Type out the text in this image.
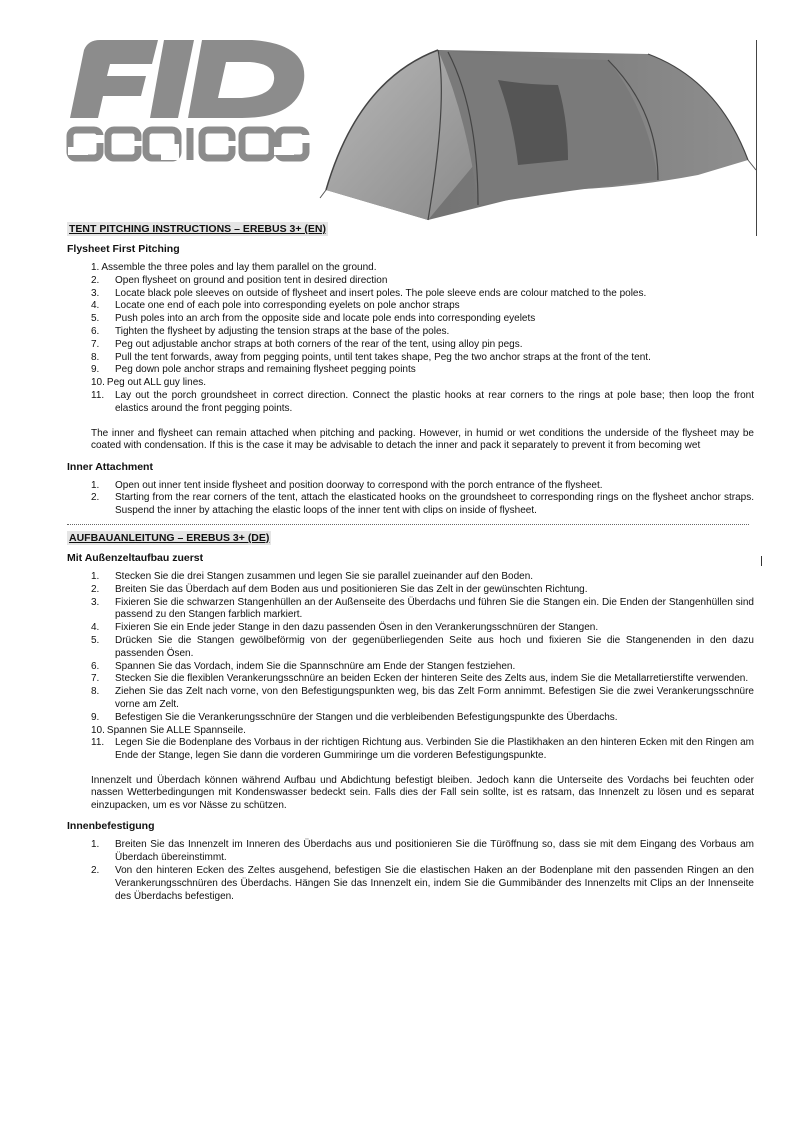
TENT PITCHING INSTRUCTIONS – EREBUS 3+ (EN)
Flysheet First Pitching
1. Assemble the three poles and lay them parallel on the ground.
2.	Open flysheet on ground and position tent in desired direction
3.	Locate black pole sleeves on outside of flysheet and insert poles. The pole sleeve ends are colour matched to the poles.
4.	Locate one end of each pole into corresponding eyelets on pole anchor straps
5.	Push poles into an arch from the opposite side and locate pole ends into corresponding eyelets
6.	Tighten the flysheet by adjusting the tension straps at the base of the poles.
7.	Peg out adjustable anchor straps at both corners of the rear of the tent, using alloy pin pegs.
8.	Pull the tent forwards, away from pegging points, until tent takes shape, Peg the two anchor straps at the front of the tent.
9.	Peg down pole anchor straps and remaining flysheet pegging points
10. Peg out ALL guy lines.
11.	Lay out the porch groundsheet in correct direction. Connect the plastic hooks at rear corners to the rings at pole base; then loop the front elastics around the front pegging points.
The inner and flysheet can remain attached when pitching and packing. However, in humid or wet conditions the underside of the flysheet may be coated with condensation. If this is the case it may be advisable to detach the inner and pack it separately to prevent it from becoming wet
Inner Attachment
1.	Open out inner tent inside flysheet and position doorway to correspond with the porch entrance of the flysheet.
2.	Starting from the rear corners of the tent, attach the elasticated hooks on the groundsheet to corresponding rings on the flysheet anchor straps. Suspend the inner by attaching the elastic loops of the inner tent with clips on inside of flysheet.
AUFBAUANLEITUNG – EREBUS 3+ (DE)
Mit Außenzeltaufbau zuerst
1.	Stecken Sie die drei Stangen zusammen und legen Sie sie parallel zueinander auf den Boden.
2.	Breiten Sie das Überdach auf dem Boden aus und positionieren Sie das Zelt in der gewünschten Richtung.
3.	Fixieren Sie die schwarzen Stangenhüllen an der Außenseite des Überdachs und führen Sie die Stangen ein. Die Enden der Stangenhüllen sind passend zu den Stangen farblich markiert.
4.	Fixieren Sie ein Ende jeder Stange in den dazu passenden Ösen in den Verankerungsschnüren der Stangen.
5.	Drücken Sie die Stangen gewölbeförmig von der gegenüberliegenden Seite aus hoch und fixieren Sie die Stangenenden in den dazu passenden Ösen.
6.	Spannen Sie das Vordach, indem Sie die Spannschnüre am Ende der Stangen festziehen.
7.	Stecken Sie die flexiblen Verankerungsschnüre an beiden Ecken der hinteren Seite des Zelts aus, indem Sie die Metallarretierstifte verwenden.
8.	Ziehen Sie das Zelt nach vorne, von den Befestigungspunkten weg, bis das Zelt Form annimmt. Befestigen Sie die zwei Verankerungsschnüre vorne am Zelt.
9.	Befestigen Sie die Verankerungsschnüre der Stangen und die verbleibenden Befestigungspunkte des Überdachs.
10. Spannen Sie ALLE Spannseile.
11.	Legen Sie die Bodenplane des Vorbaus in der richtigen Richtung aus. Verbinden Sie die Plastikhaken an den hinteren Ecken mit den Ringen am Ende der Stange, legen Sie dann die vorderen Gummiringe um die vorderen Befestigungspunkte.
Innenzelt und Überdach können während Aufbau und Abdichtung befestigt bleiben. Jedoch kann die Unterseite des Vordachs bei feuchten oder nassen Wetterbedingungen mit Kondenswasser bedeckt sein. Falls dies der Fall sein sollte, ist es ratsam, das Innenzelt zu lösen und es separat einzupacken, um es vor Nässe zu schützen.
Innenbefestigung
1.	Breiten Sie das Innenzelt im Inneren des Überdachs aus und positionieren Sie die Türöffnung so, dass sie mit dem Eingang des Vorbaus am Überdach übereinstimmt.
2.	Von den hinteren Ecken des Zeltes ausgehend, befestigen Sie die elastischen Haken an der Bodenplane mit den passenden Ringen an den Verankerungsschnüren des Überdachs. Hängen Sie das Innenzelt ein, indem Sie die Gummibänder des Innenzelts mit Clips an der Innenseite des Überdachs befestigen.
